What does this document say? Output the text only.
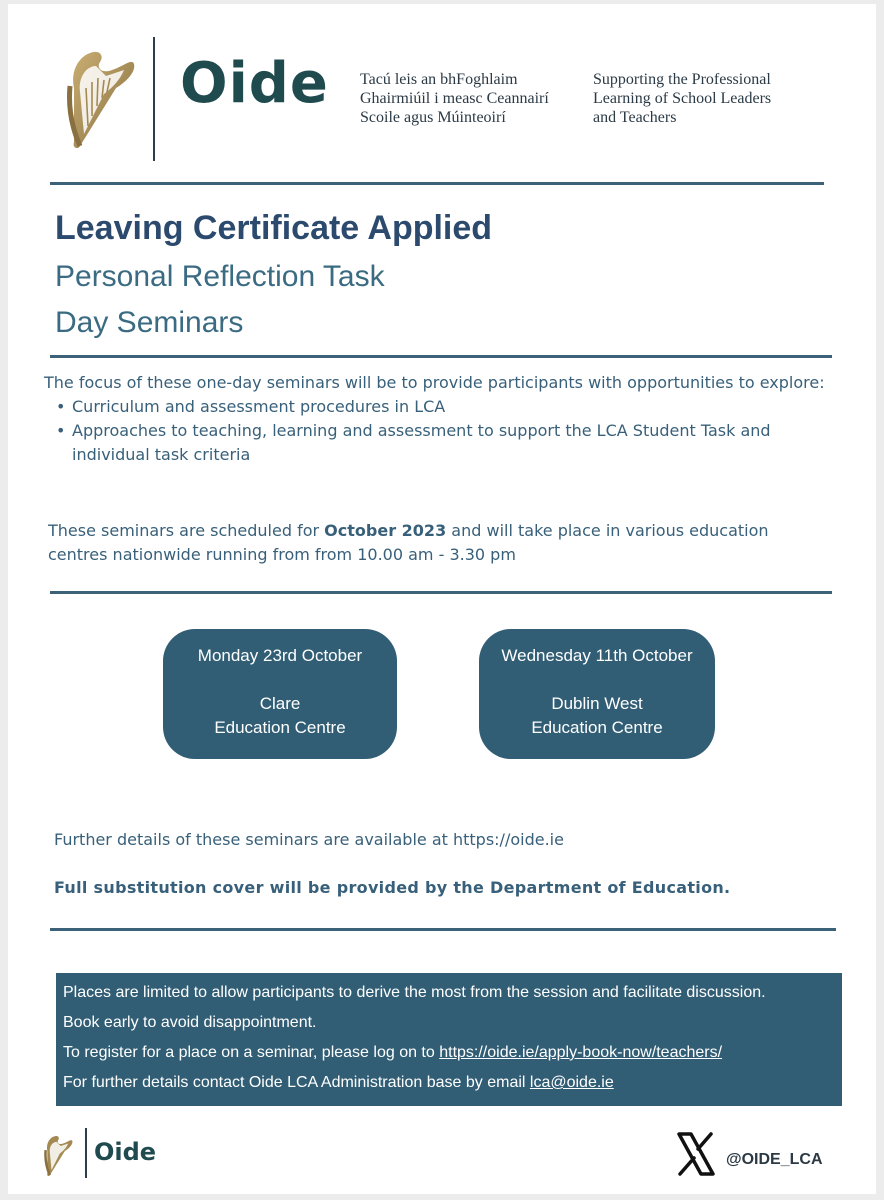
Oide Tacú leis an bhFoghlaim
Ghairmiúil i measc Ceannairí
Scoile agus Múinteoirí
Supporting the Professional
Learning of School Leaders
and Teachers
Leaving Certificate Applied
Personal Reflection Task
Day Seminars
The focus of these one-day seminars will be to provide participants with opportunities to explore:
• Curriculum and assessment procedures in LCA
• Approaches to teaching, learning and assessment to support the LCA Student Task and individual task criteria
These seminars are scheduled for October 2023 and will take place in various education centres nationwide running from from 10.00 am - 3.30 pm
Monday 23rd October
Clare
Education Centre
Wednesday 11th October
Dublin West
Education Centre
Further details of these seminars are available at https://oide.ie
Full substitution cover will be provided by the Department of Education.
Places are limited to allow participants to derive the most from the session and facilitate discussion.
Book early to avoid disappointment.
To register for a place on a seminar, please log on to https://oide.ie/apply-book-now/teachers/
For further details contact Oide LCA Administration base by email lca@oide.ie
Oide	@OIDE_LCA
